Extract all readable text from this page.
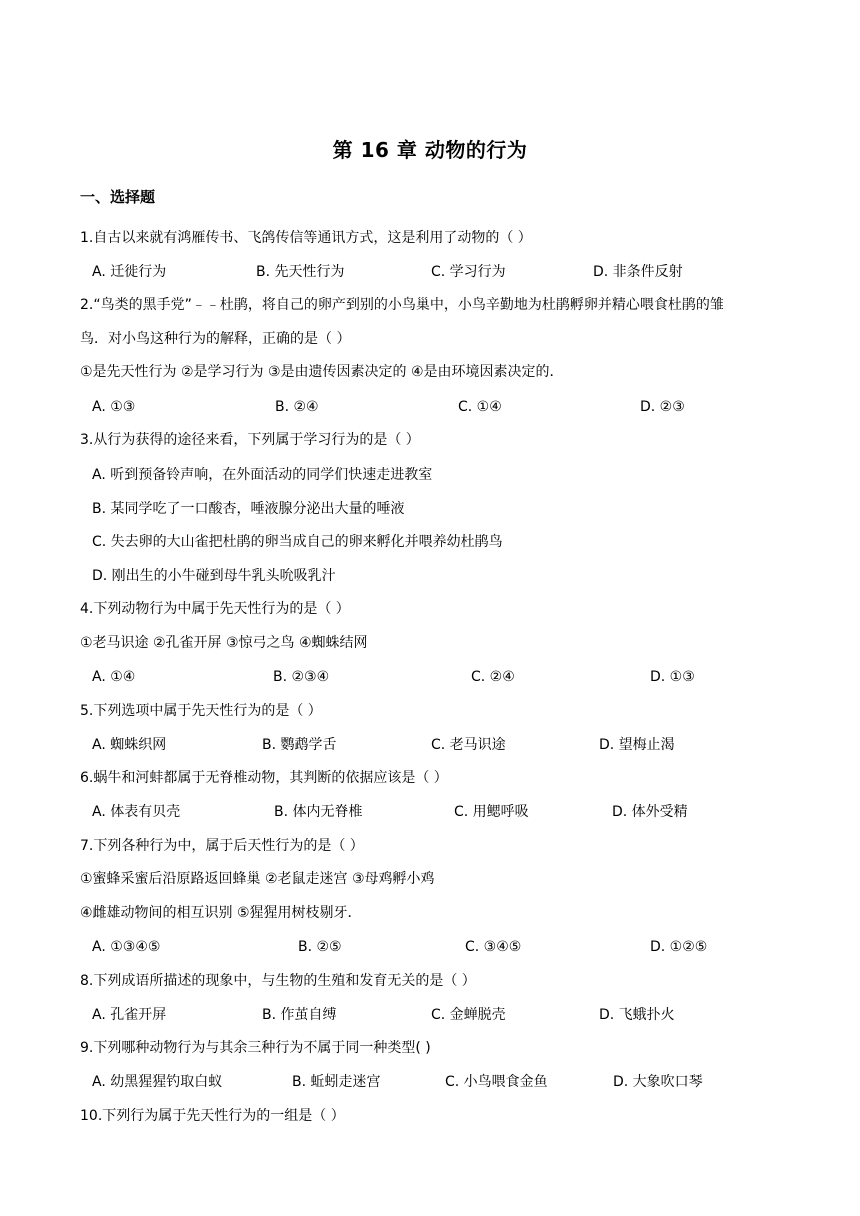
第 16 章 动物的行为
一、选择题
1.自古以来就有鸿雁传书、飞鸽传信等通讯方式，这是利用了动物的（ ）
A. 迁徙行为	B. 先天性行为	C. 学习行为	D. 非条件反射
2.“鸟类的黑手党”﹣﹣杜鹃，将自己的卵产到别的小鸟巢中，小鸟辛勤地为杜鹃孵卵并精心喂食杜鹃的雏
鸟．对小鸟这种行为的解释，正确的是（ ）
①是先天性行为 ②是学习行为 ③是由遗传因素决定的 ④是由环境因素决定的．
A. ①③	B. ②④	C. ①④	D. ②③
3.从行为获得的途径来看，下列属于学习行为的是（ ）
A. 听到预备铃声响，在外面活动的同学们快速走进教室
B. 某同学吃了一口酸杏，唾液腺分泌出大量的唾液
C. 失去卵的大山雀把杜鹃的卵当成自己的卵来孵化并喂养幼杜鹃鸟
D. 刚出生的小牛碰到母牛乳头吮吸乳汁
4.下列动物行为中属于先天性行为的是（ ）
①老马识途 ②孔雀开屏 ③惊弓之鸟 ④蜘蛛结网
A. ①④	B. ②③④	C. ②④	D. ①③
5.下列选项中属于先天性行为的是（ ）
A. 蜘蛛织网	B. 鹦鹉学舌	C. 老马识途	D. 望梅止渴
6.蜗牛和河蚌都属于无脊椎动物，其判断的依据应该是（ ）
A. 体表有贝壳	B. 体内无脊椎	C. 用鳃呼吸	D. 体外受精
7.下列各种行为中，属于后天性行为的是（ ）
①蜜蜂采蜜后沿原路返回蜂巢 ②老鼠走迷宫 ③母鸡孵小鸡
④雌雄动物间的相互识别 ⑤猩猩用树枝剔牙．
A. ①③④⑤	B. ②⑤	C. ③④⑤	D. ①②⑤
8.下列成语所描述的现象中，与生物的生殖和发育无关的是（ ）
A. 孔雀开屏	B. 作茧自缚	C. 金蝉脱壳	D. 飞蛾扑火
9.下列哪种动物行为与其余三种行为不属于同一种类型( )
A. 幼黑猩猩钓取白蚁	B. 蚯蚓走迷宫	C. 小鸟喂食金鱼	D. 大象吹口琴
10.下列行为属于先天性行为的一组是（ ）
